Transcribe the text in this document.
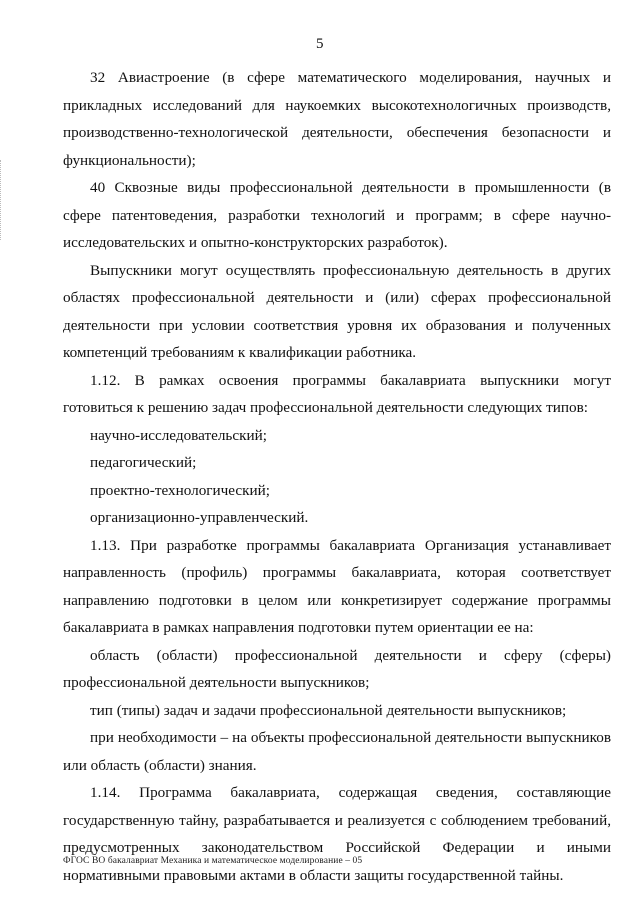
5

32 Авиастроение (в сфере математического моделирования, научных и прикладных исследований для наукоемких высокотехнологичных производств, производственно-технологической деятельности, обеспечения безопасности и функциональности);

40 Сквозные виды профессиональной деятельности в промышленности (в сфере патентоведения, разработки технологий и программ; в сфере научно-исследовательских и опытно-конструкторских разработок).

Выпускники могут осуществлять профессиональную деятельность в других областях профессиональной деятельности и (или) сферах профессиональной деятельности при условии соответствия уровня их образования и полученных компетенций требованиям к квалификации работника.

1.12. В рамках освоения программы бакалавриата выпускники могут готовиться к решению задач профессиональной деятельности следующих типов:

научно-исследовательский;

педагогический;

проектно-технологический;

организационно-управленческий.

1.13. При разработке программы бакалавриата Организация устанавливает направленность (профиль) программы бакалавриата, которая соответствует направлению подготовки в целом или конкретизирует содержание программы бакалавриата в рамках направления подготовки путем ориентации ее на:

область (области) профессиональной деятельности и сферу (сферы) профессиональной деятельности выпускников;

тип (типы) задач и задачи профессиональной деятельности выпускников;

при необходимости – на объекты профессиональной деятельности выпускников или область (области) знания.

1.14. Программа бакалавриата, содержащая сведения, составляющие государственную тайну, разрабатывается и реализуется с соблюдением требований, предусмотренных законодательством Российской Федерации и иными нормативными правовыми актами в области защиты государственной тайны.

ФГОС ВО бакалавриат Механика и математическое моделирование – 05
